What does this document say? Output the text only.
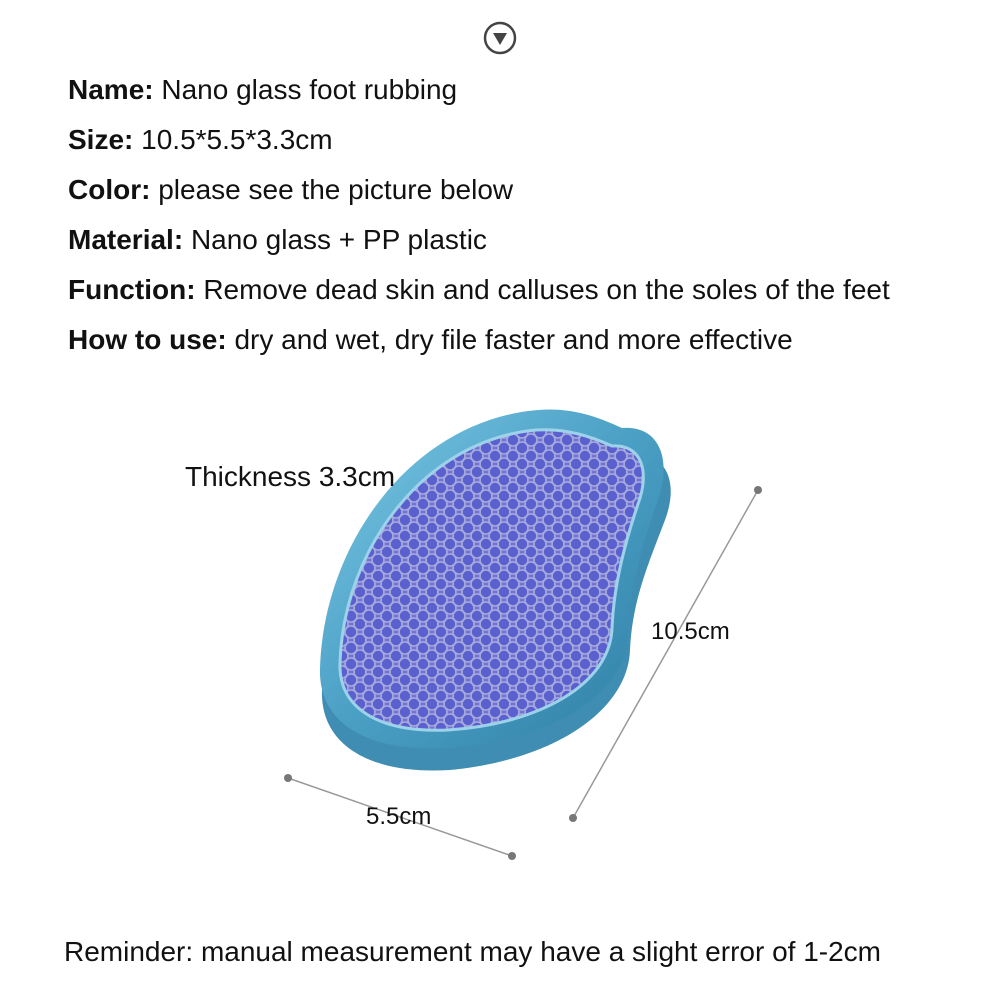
Name: Nano glass foot rubbing
Size: 10.5*5.5*3.3cm
Color: please see the picture below
Material: Nano glass + PP plastic
Function: Remove dead skin and calluses on the soles of the feet
How to use: dry and wet, dry file faster and more effective
Thickness 3.3cm
10.5cm
5.5cm
Reminder: manual measurement may have a slight error of 1-2cm
